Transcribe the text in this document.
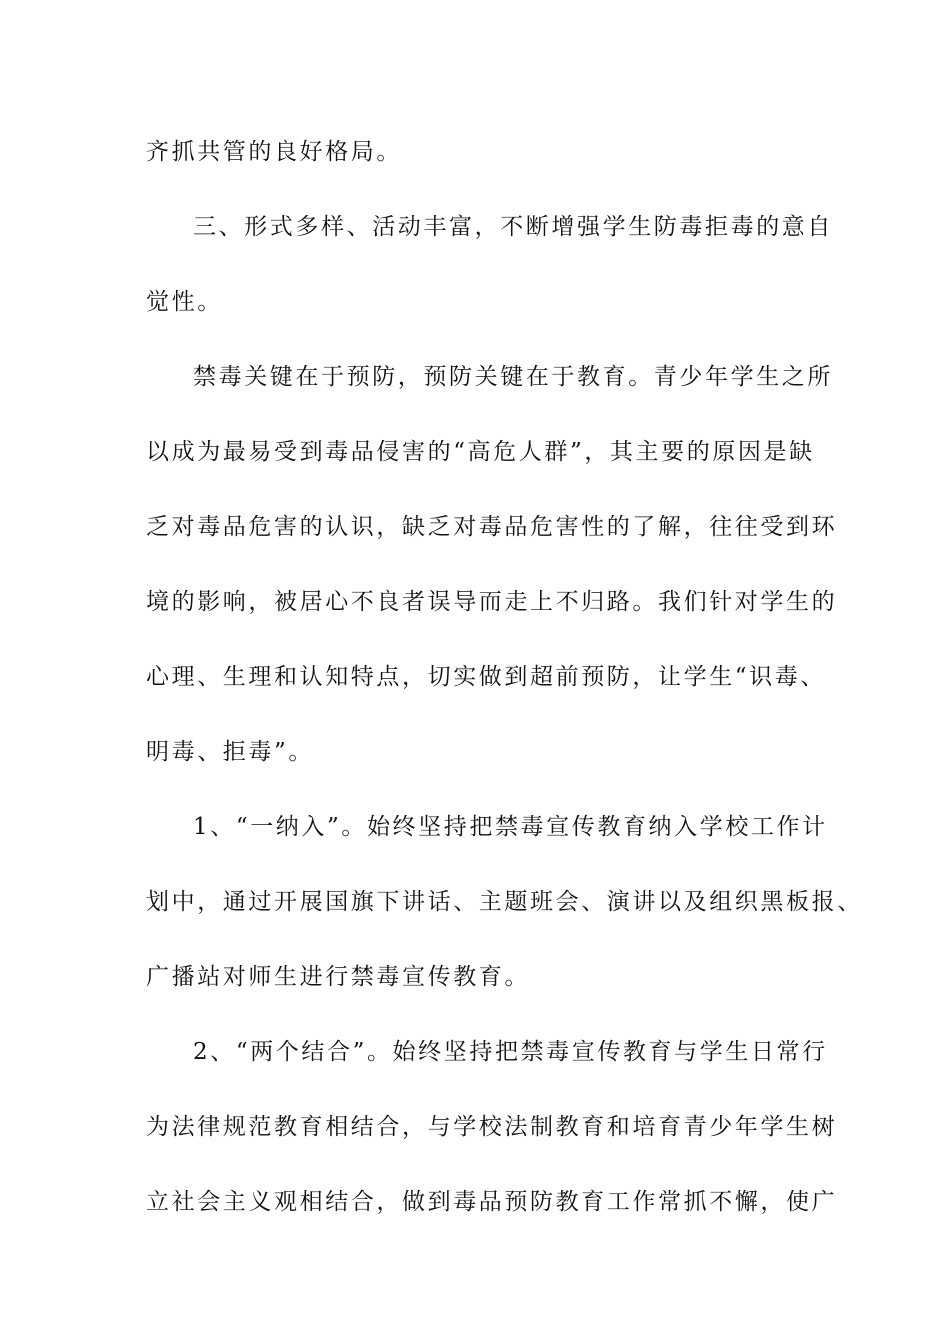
齐抓共管的良好格局。
三、形式多样、活动丰富，不断增强学生防毒拒毒的意自
觉性。
禁毒关键在于预防，预防关键在于教育。青少年学生之所
以成为最易受到毒品侵害的“高危人群”，其主要的原因是缺
乏对毒品危害的认识，缺乏对毒品危害性的了解，往往受到环
境的影响，被居心不良者误导而走上不归路。我们针对学生的
心理、生理和认知特点，切实做到超前预防，让学生“识毒、
明毒、拒毒”。
1、“一纳入”。始终坚持把禁毒宣传教育纳入学校工作计
划中，通过开展国旗下讲话、主题班会、演讲以及组织黑板报、
广播站对师生进行禁毒宣传教育。
2、“两个结合”。始终坚持把禁毒宣传教育与学生日常行
为法律规范教育相结合，与学校法制教育和培育青少年学生树
立社会主义观相结合，做到毒品预防教育工作常抓不懈，使广
